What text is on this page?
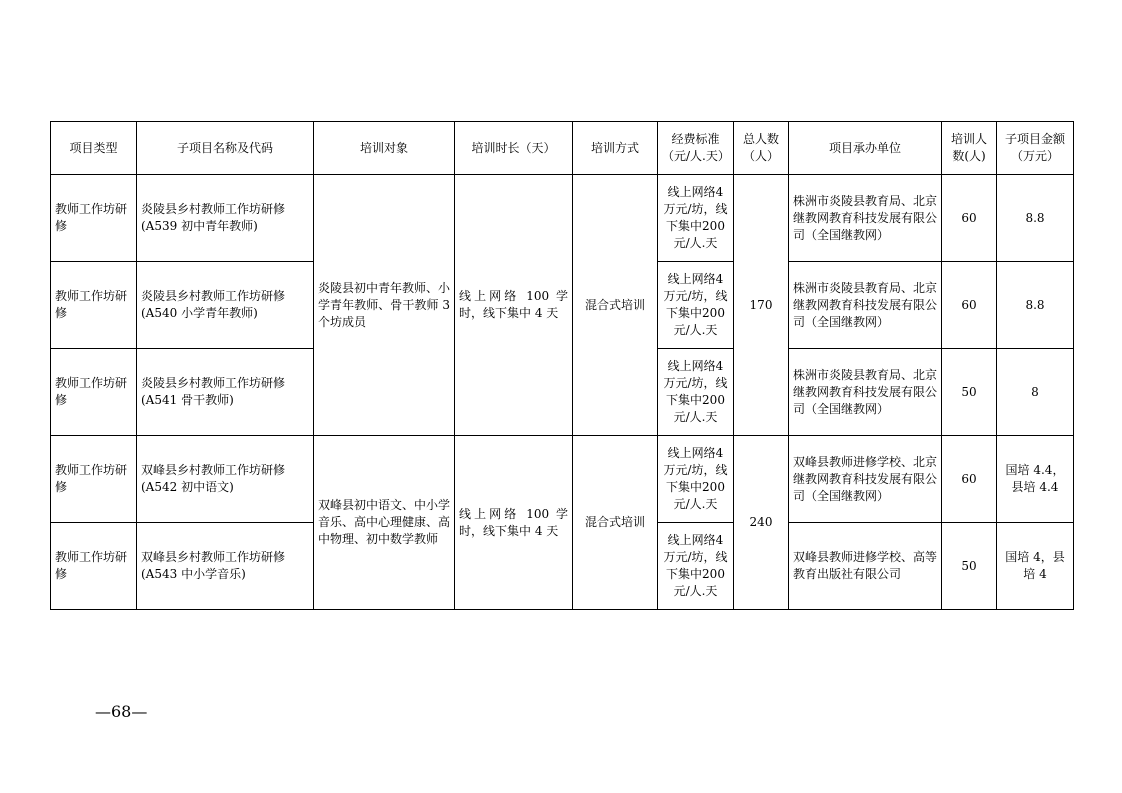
项目类型	子项目名称及代码	培训对象	培训时长（天）	培训方式	经费标准（元/人.天）	总人数（人）	项目承办单位	培训人数(人)	子项目金额（万元）
教师工作坊研修	炎陵县乡村教师工作坊研修(A539 初中青年教师)	炎陵县初中青年教师、小学青年教师、骨干教师 3 个坊成员	线上网络 100 学时，线下集中 4 天	混合式培训	线上网络4万元/坊，线下集中200元/人.天	170	株洲市炎陵县教育局、北京继教网教育科技发展有限公司（全国继教网）	60	8.8
教师工作坊研修	炎陵县乡村教师工作坊研修(A540 小学青年教师)				线上网络4万元/坊，线下集中200元/人.天		株洲市炎陵县教育局、北京继教网教育科技发展有限公司（全国继教网）	60	8.8
教师工作坊研修	炎陵县乡村教师工作坊研修(A541 骨干教师)				线上网络4万元/坊，线下集中200元/人.天		株洲市炎陵县教育局、北京继教网教育科技发展有限公司（全国继教网）	50	8
教师工作坊研修	双峰县乡村教师工作坊研修(A542 初中语文)	双峰县初中语文、中小学音乐、高中心理健康、高中物理、初中数学教师	线上网络 100 学时，线下集中 4 天	混合式培训	线上网络4万元/坊，线下集中200元/人.天	240	双峰县教师进修学校、北京继教网教育科技发展有限公司（全国继教网）	60	国培 4.4，县培 4.4
教师工作坊研修	双峰县乡村教师工作坊研修(A543 中小学音乐)				线上网络4万元/坊，线下集中200元/人.天		双峰县教师进修学校、高等教育出版社有限公司	50	国培 4，县培 4
—68—
